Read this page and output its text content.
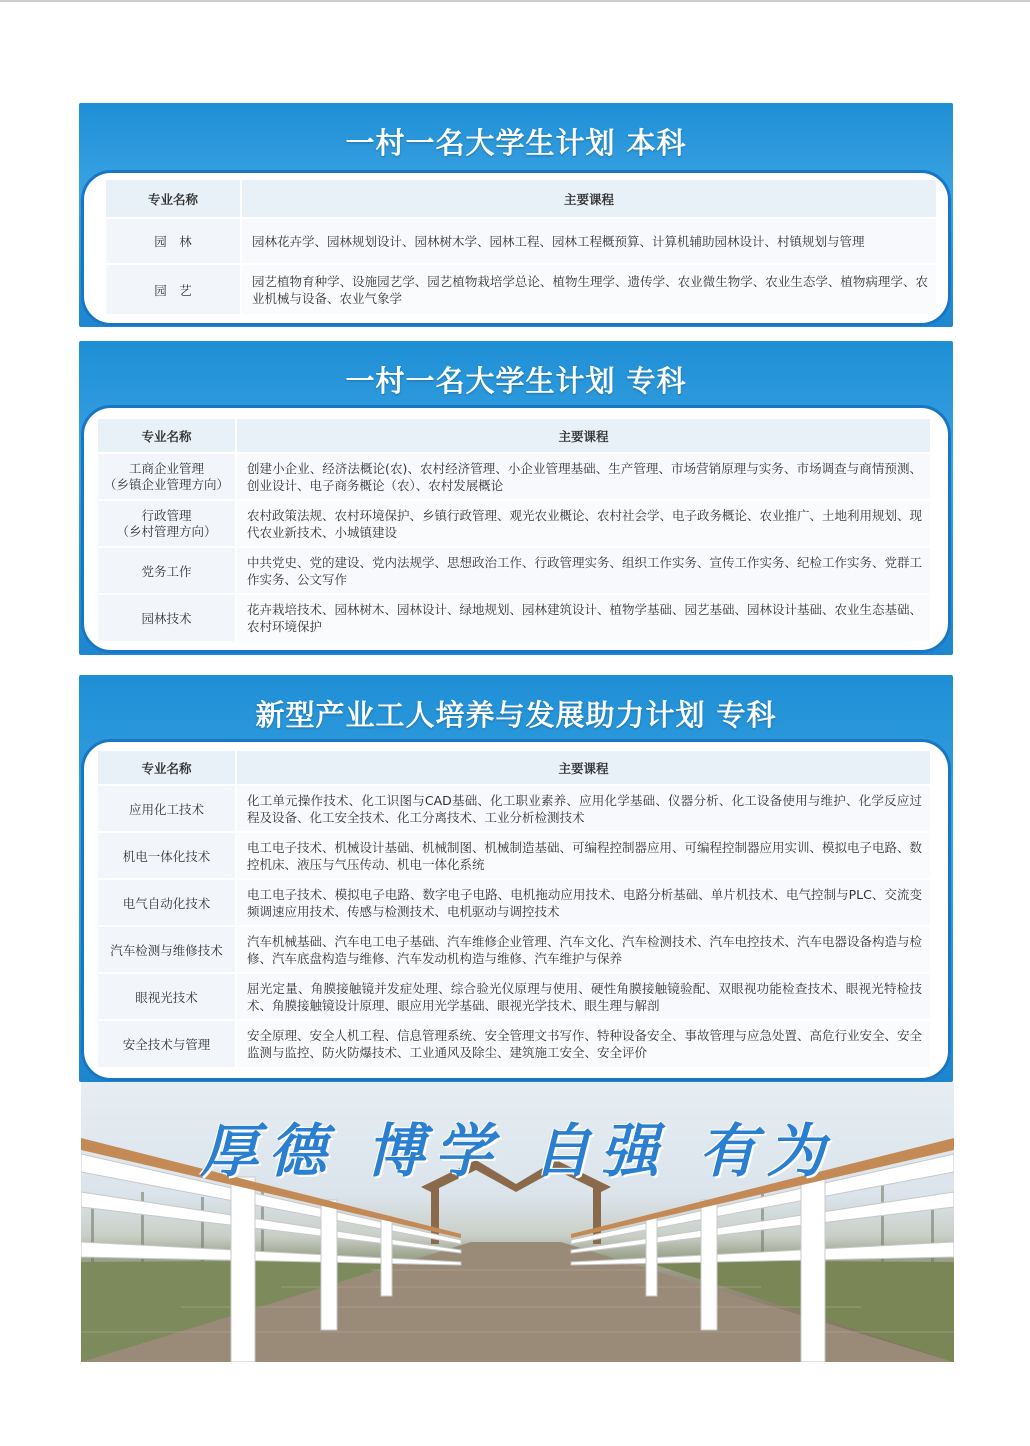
一村一名大学生计划 本科
专业名称	主要课程
园　林	园林花卉学、园林规划设计、园林树木学、园林工程、园林工程概预算、计算机辅助园林设计、村镇规划与管理
园　艺	园艺植物育种学、设施园艺学、园艺植物栽培学总论、植物生理学、遗传学、农业微生物学、农业生态学、植物病理学、农业机械与设备、农业气象学
一村一名大学生计划 专科
专业名称	主要课程
工商企业管理
（乡镇企业管理方向）	创建小企业、经济法概论(农)、农村经济管理、小企业管理基础、生产管理、市场营销原理与实务、市场调查与商情预测、创业设计、电子商务概论（农）、农村发展概论
行政管理
（乡村管理方向）	农村政策法规、农村环境保护、乡镇行政管理、观光农业概论、农村社会学、电子政务概论、农业推广、土地利用规划、现代农业新技术、小城镇建设
党务工作	中共党史、党的建设、党内法规学、思想政治工作、行政管理实务、组织工作实务、宣传工作实务、纪检工作实务、党群工作实务、公文写作
园林技术	花卉栽培技术、园林树木、园林设计、绿地规划、园林建筑设计、植物学基础、园艺基础、园林设计基础、农业生态基础、农村环境保护
新型产业工人培养与发展助力计划 专科
专业名称	主要课程
应用化工技术	化工单元操作技术、化工识图与CAD基础、化工职业素养、应用化学基础、仪器分析、化工设备使用与维护、化学反应过程及设备、化工安全技术、化工分离技术、工业分析检测技术
机电一体化技术	电工电子技术、机械设计基础、机械制图、机械制造基础、可编程控制器应用、可编程控制器应用实训、模拟电子电路、数控机床、液压与气压传动、机电一体化系统
电气自动化技术	电工电子技术、模拟电子电路、数字电子电路、电机拖动应用技术、电路分析基础、单片机技术、电气控制与PLC、交流变频调速应用技术、传感与检测技术、电机驱动与调控技术
汽车检测与维修技术	汽车机械基础、汽车电工电子基础、汽车维修企业管理、汽车文化、汽车检测技术、汽车电控技术、汽车电器设备构造与检修、汽车底盘构造与维修、汽车发动机构造与维修、汽车维护与保养
眼视光技术	屈光定量、角膜接触镜并发症处理、综合验光仪原理与使用、硬性角膜接触镜验配、双眼视功能检查技术、眼视光特检技术、角膜接触镜设计原理、眼应用光学基础、眼视光学技术、眼生理与解剖
安全技术与管理	安全原理、安全人机工程、信息管理系统、安全管理文书写作、特种设备安全、事故管理与应急处置、高危行业安全、安全监测与监控、防火防爆技术、工业通风及除尘、建筑施工安全、安全评价
厚德 博学 自强 有为
